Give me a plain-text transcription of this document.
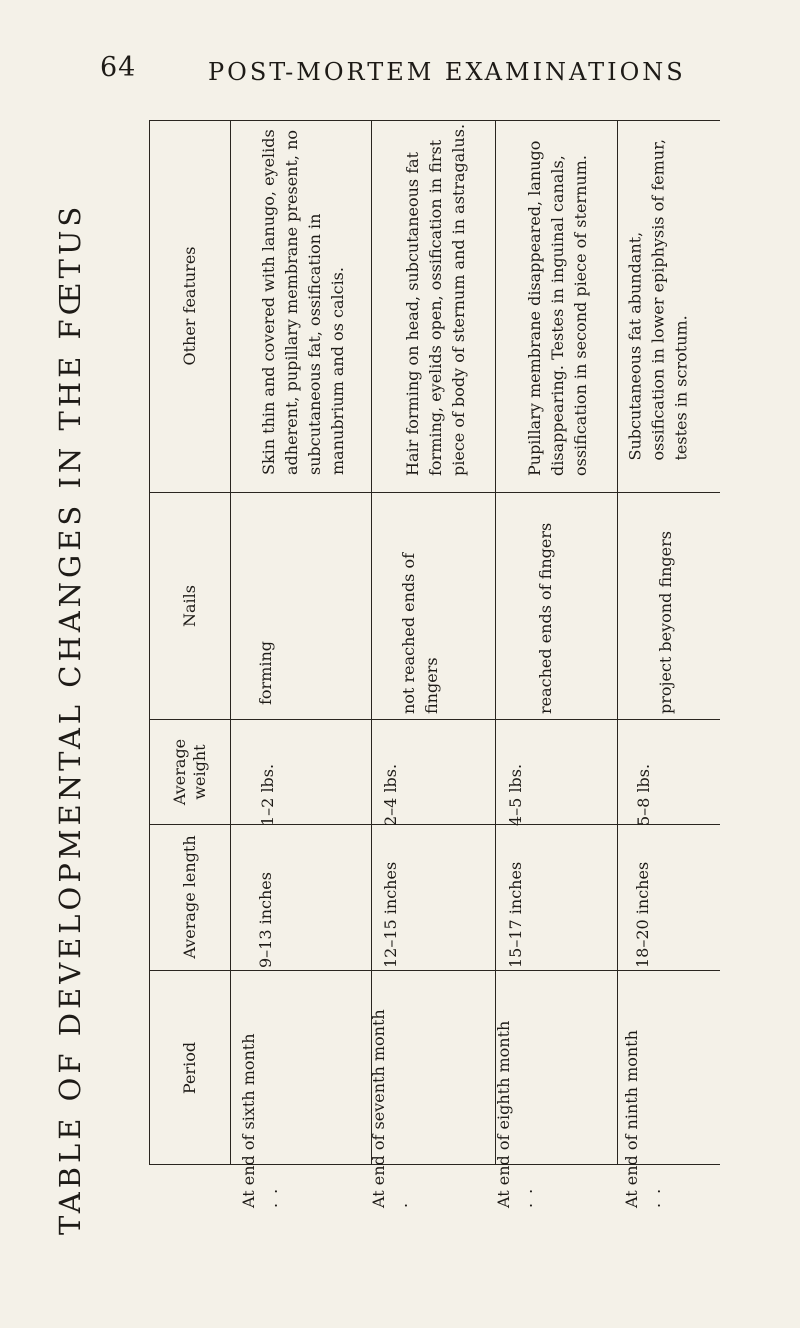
64	POST-MORTEM EXAMINATIONS
TABLE OF DEVELOPMENTAL CHANGES IN THE FŒTUS	Other features
Nails
Average weight
Average length
Period
Skin thin and covered with lanugo, eyelids adherent, pupillary membrane present, no subcutaneous fat, ossification in manubrium and os calcis.
forming
1–2 lbs.
9–13 inches
At end of sixth month . .
Hair forming on head, subcutaneous fat forming, eyelids open, ossification in first piece of body of sternum and in astragalus.
not reached ends of fingers
2–4 lbs.
12–15 inches
At end of seventh month .
Pupillary membrane disappeared, lanugo disappearing. Testes in inguinal canals, ossification in second piece of sternum.
reached ends of fingers
4–5 lbs.
15–17 inches
At end of eighth month . .
Subcutaneous fat abundant, ossification in lower epiphysis of femur, testes in scrotum.
project beyond fingers
5–8 lbs.
18–20 inches
At end of ninth month . .
